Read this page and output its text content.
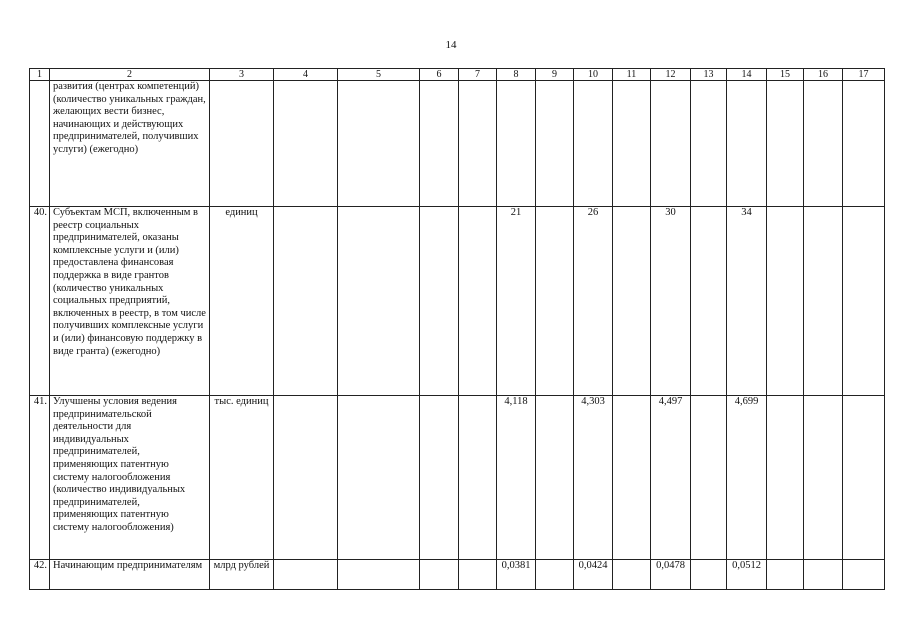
14
1	2	3	4	5	6	7	8	9	10	11	12	13	14	15	16	17
	развития (центрах компетенций) (количество уникальных граждан, желающих вести бизнес, начинающих и действующих предпринимателей, получивших услуги) (ежегодно)															
40.	Субъектам МСП, включенным в реестр социальных предпринимателей, оказаны комплексные услуги и (или) предоставлена финансовая поддержка в виде грантов (количество уникальных социальных предприятий, включенных в реестр, в том числе получивших комплексные услуги и (или) финансовую поддержку в виде гранта) (ежегодно)	единиц					21		26		30		34			
41.	Улучшены условия ведения предпринимательской деятельности для индивидуальных предпринимателей, применяющих патентную систему налогообложения (количество индивидуальных предпринимателей, применяющих патентную систему налогообложения)	тыс. единиц					4,118		4,303		4,497		4,699			
42.	Начинающим предпринимателям	млрд рублей					0,0381		0,0424		0,0478		0,0512			
